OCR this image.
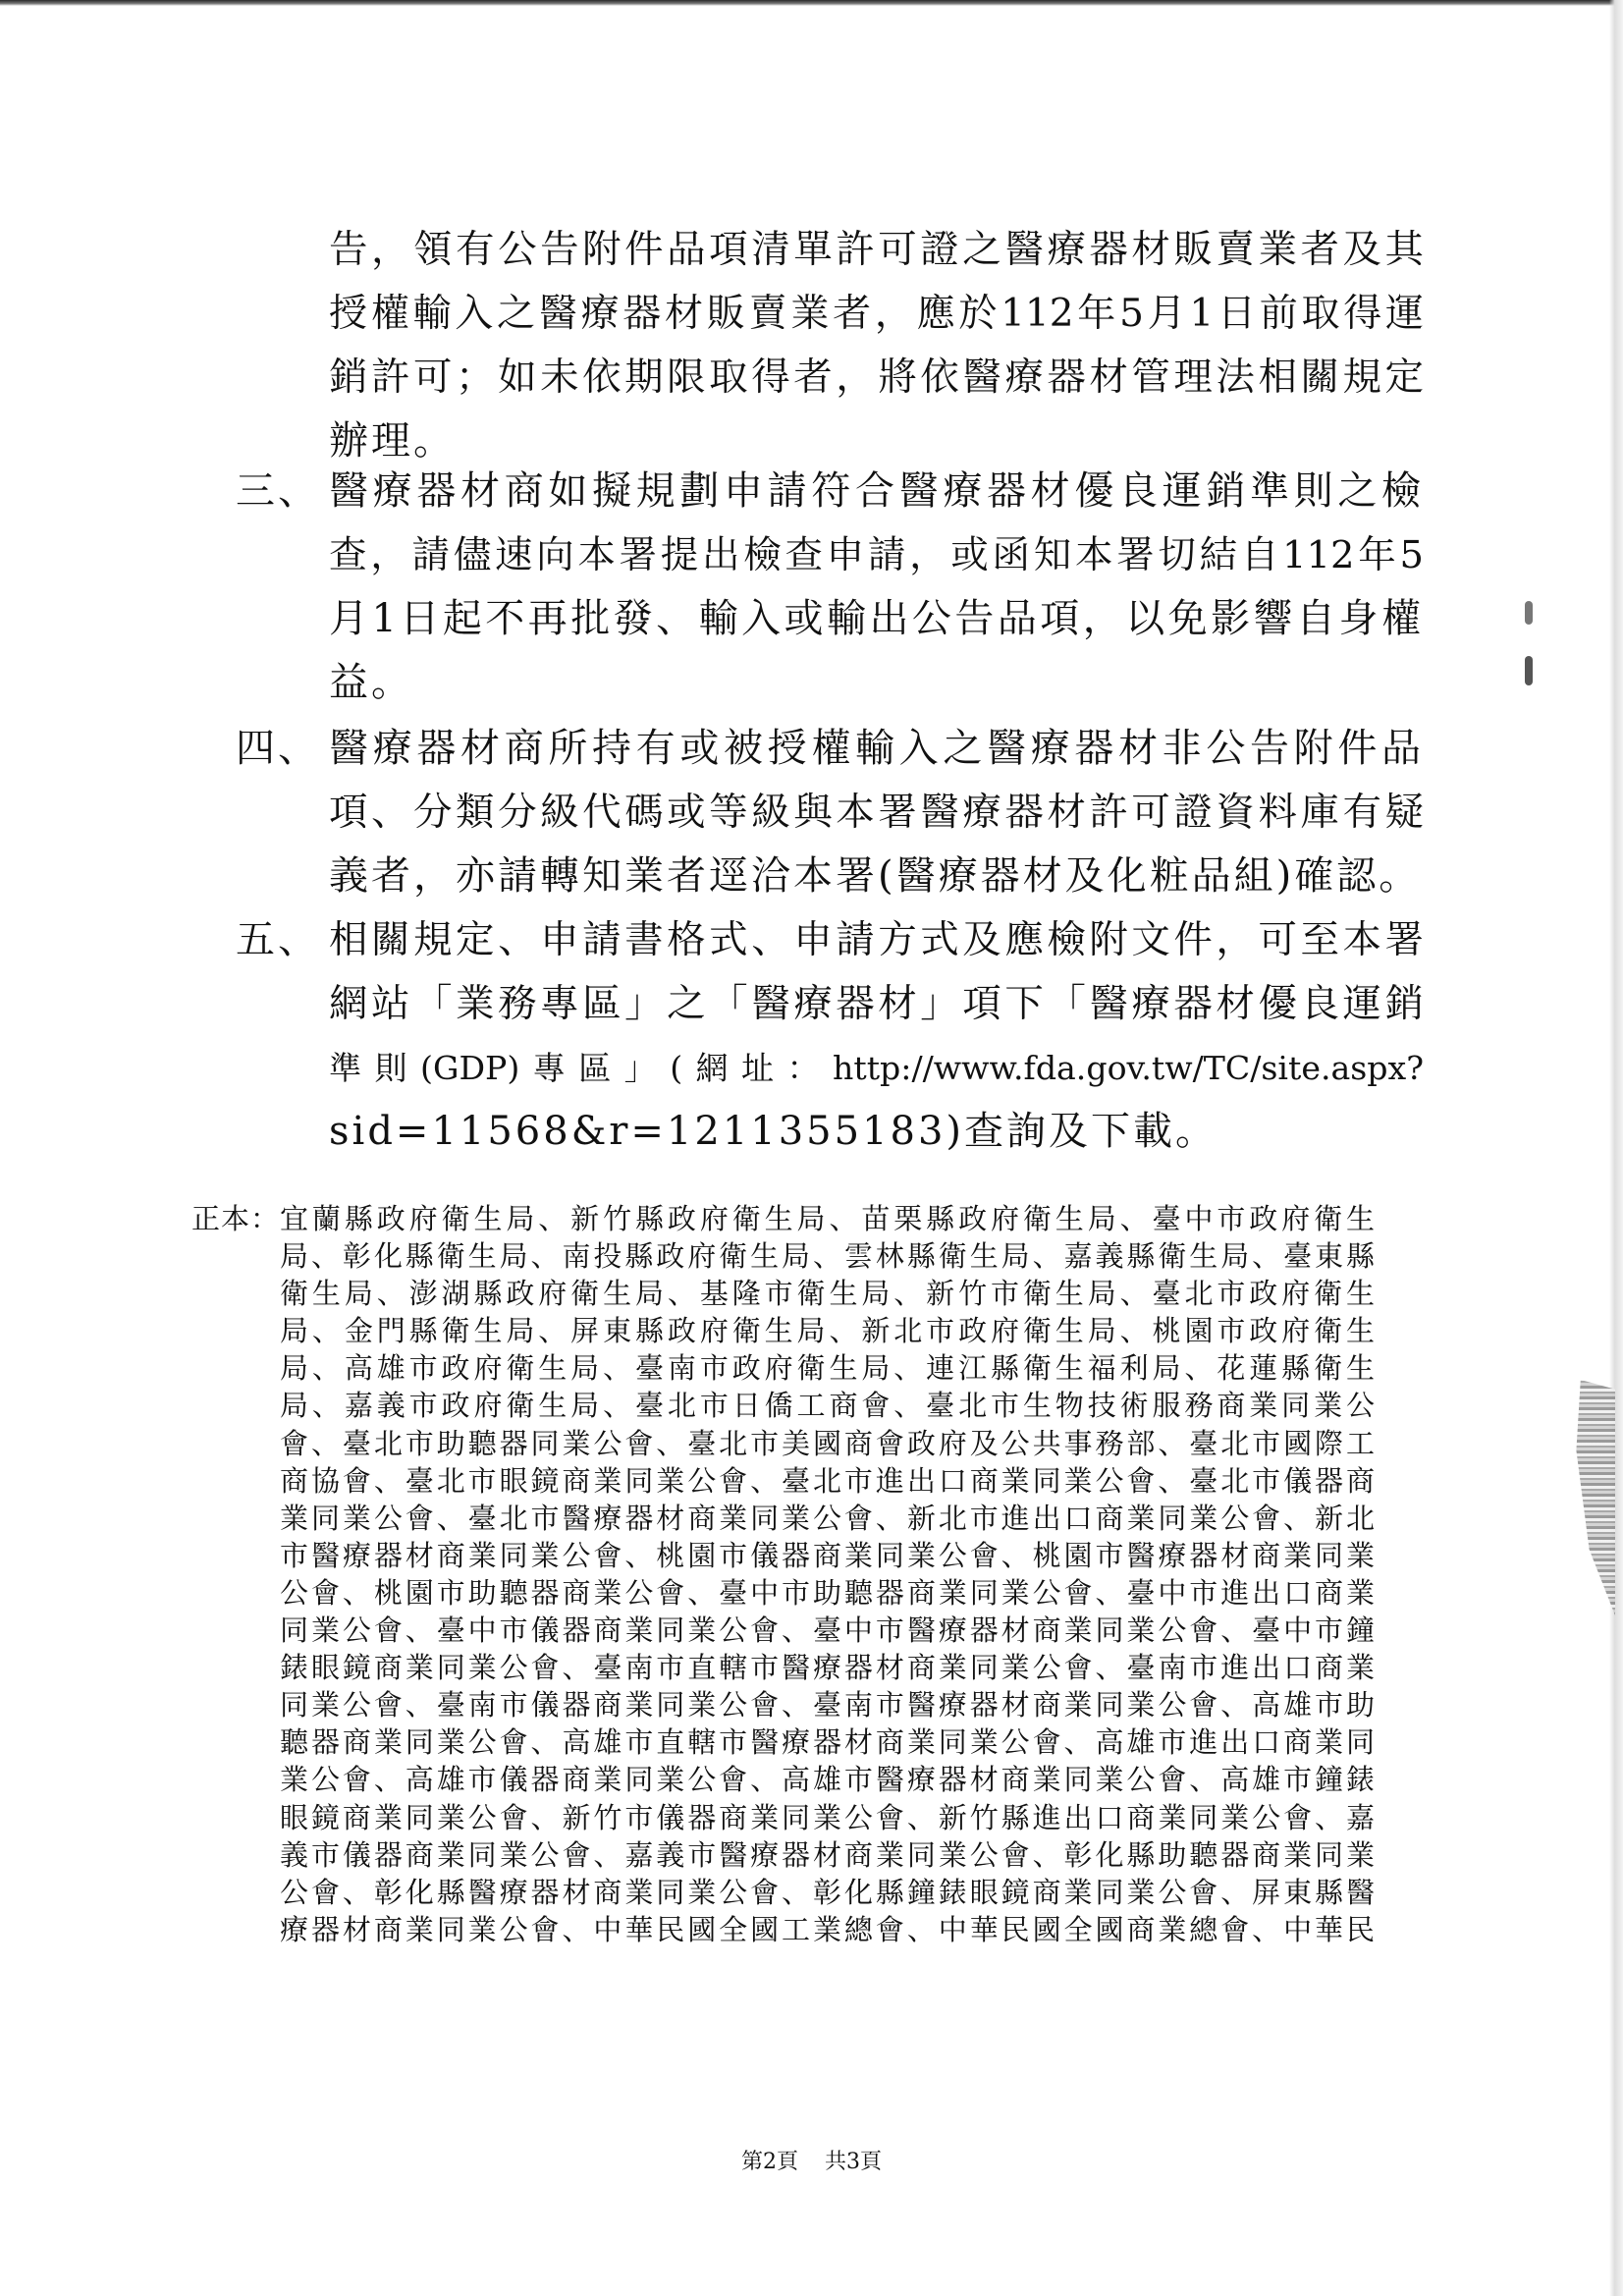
告，領有公告附件品項清單許可證之醫療器材販賣業者及其
授權輸入之醫療器材販賣業者，應於112年5月1日前取得運
銷許可；如未依期限取得者，將依醫療器材管理法相關規定
辦理。
三、 醫療器材商如擬規劃申請符合醫療器材優良運銷準則之檢
查，請儘速向本署提出檢查申請，或函知本署切結自112年5
月1日起不再批發、輸入或輸出公告品項，以免影響自身權
益。
四、 醫療器材商所持有或被授權輸入之醫療器材非公告附件品
項、分類分級代碼或等級與本署醫療器材許可證資料庫有疑
義者，亦請轉知業者逕洽本署(醫療器材及化粧品組)確認。
五、 相關規定、申請書格式、申請方式及應檢附文件，可至本署
網站「業務專區」之「醫療器材」項下「醫療器材優良運銷
準則(GDP)專區」(網址：http://www.fda.gov.tw/TC/site.aspx?
sid=11568&r=1211355183)查詢及下載。
正本： 宜蘭縣政府衛生局、新竹縣政府衛生局、苗栗縣政府衛生局、臺中市政府衛生
局、彰化縣衛生局、南投縣政府衛生局、雲林縣衛生局、嘉義縣衛生局、臺東縣
衛生局、澎湖縣政府衛生局、基隆市衛生局、新竹市衛生局、臺北市政府衛生
局、金門縣衛生局、屏東縣政府衛生局、新北市政府衛生局、桃園市政府衛生
局、高雄市政府衛生局、臺南市政府衛生局、連江縣衛生福利局、花蓮縣衛生
局、嘉義市政府衛生局、臺北市日僑工商會、臺北市生物技術服務商業同業公
會、臺北市助聽器同業公會、臺北市美國商會政府及公共事務部、臺北市國際工
商協會、臺北市眼鏡商業同業公會、臺北市進出口商業同業公會、臺北市儀器商
業同業公會、臺北市醫療器材商業同業公會、新北市進出口商業同業公會、新北
市醫療器材商業同業公會、桃園市儀器商業同業公會、桃園市醫療器材商業同業
公會、桃園市助聽器商業公會、臺中市助聽器商業同業公會、臺中市進出口商業
同業公會、臺中市儀器商業同業公會、臺中市醫療器材商業同業公會、臺中市鐘
錶眼鏡商業同業公會、臺南市直轄市醫療器材商業同業公會、臺南市進出口商業
同業公會、臺南市儀器商業同業公會、臺南市醫療器材商業同業公會、高雄市助
聽器商業同業公會、高雄市直轄市醫療器材商業同業公會、高雄市進出口商業同
業公會、高雄市儀器商業同業公會、高雄市醫療器材商業同業公會、高雄市鐘錶
眼鏡商業同業公會、新竹市儀器商業同業公會、新竹縣進出口商業同業公會、嘉
義市儀器商業同業公會、嘉義市醫療器材商業同業公會、彰化縣助聽器商業同業
公會、彰化縣醫療器材商業同業公會、彰化縣鐘錶眼鏡商業同業公會、屏東縣醫
療器材商業同業公會、中華民國全國工業總會、中華民國全國商業總會、中華民
第2頁 共3頁
